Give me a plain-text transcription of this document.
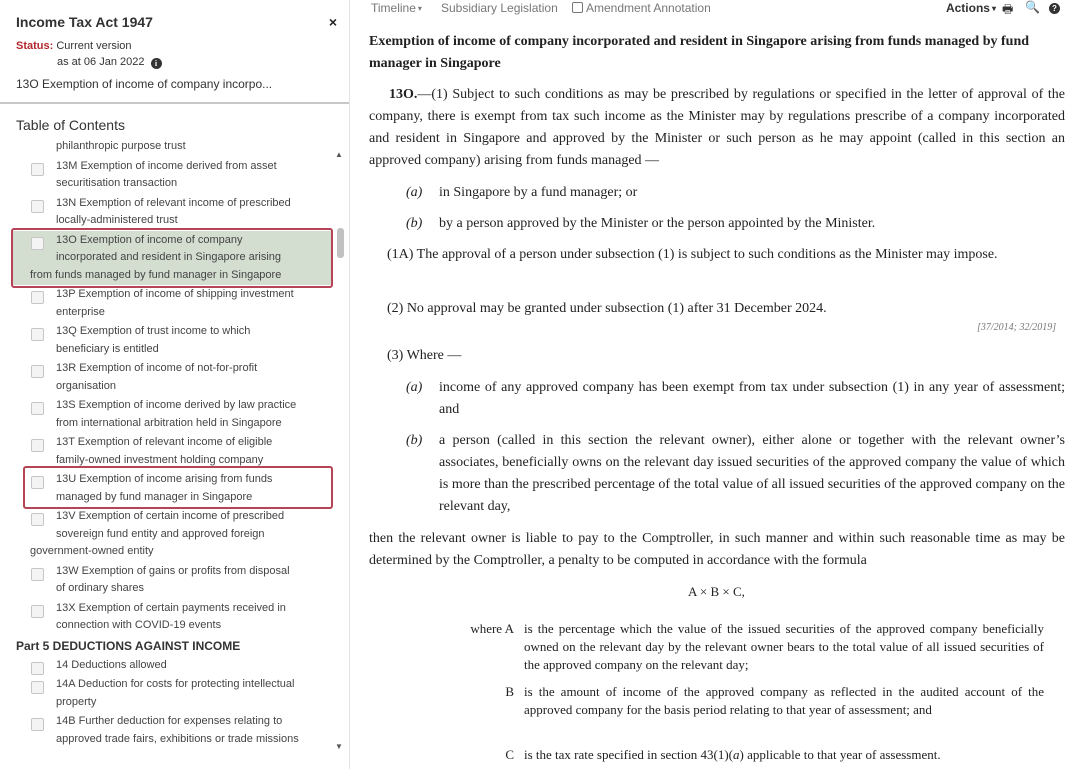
Income Tax Act 1947	×
Status: Current version
as at 06 Jan 2022 i
13O Exemption of income of company incorpo...
Table of Contents
philanthropic purpose trust
13M Exemption of income derived from asset
securitisation transaction
13N Exemption of relevant income of prescribed
locally-administered trust
13O Exemption of income of company
incorporated and resident in Singapore arising
from funds managed by fund manager in Singapore
13P Exemption of income of shipping investment
enterprise
13Q Exemption of trust income to which
beneficiary is entitled
13R Exemption of income of not-for-profit
organisation
13S Exemption of income derived by law practice
from international arbitration held in Singapore
13T Exemption of relevant income of eligible
family-owned investment holding company
13U Exemption of income arising from funds
managed by fund manager in Singapore
13V Exemption of certain income of prescribed
sovereign fund entity and approved foreign
government-owned entity
13W Exemption of gains or profits from disposal
of ordinary shares
13X Exemption of certain payments received in
connection with COVID-19 events
Part 5 DEDUCTIONS AGAINST INCOME
14 Deductions allowed
14A Deduction for costs for protecting intellectual
property
14B Further deduction for expenses relating to
approved trade fairs, exhibitions or trade missions
▲
▼
Timeline ▾ Subsidiary Legislation	Amendment Annotation	Actions ▾ 🖶 🔍	?
Exemption of income of company incorporated and resident in Singapore arising from funds managed by fund manager in Singapore
13O.—(1) Subject to such conditions as may be prescribed by regulations or specified in the letter of approval of the company, there is exempt from tax such income as the Minister may by regulations prescribe of a company incorporated and resident in Singapore and approved by the Minister or such person as he may appoint (called in this section an approved company) arising from funds managed —
(a) in Singapore by a fund manager; or
(b) by a person approved by the Minister or the person appointed by the Minister.
(1A) The approval of a person under subsection (1) is subject to such conditions as the Minister may impose.
(2) No approval may be granted under subsection (1) after 31 December 2024.
[37/2014; 32/2019]
(3) Where —
(a) income of any approved company has been exempt from tax under subsection (1) in any year of assessment; and
(b) a person (called in this section the relevant owner), either alone or together with the relevant owner’s associates, beneficially owns on the relevant day issued securities of the approved company the value of which is more than the prescribed percentage of the total value of all issued securities of the approved company on the relevant day,
then the relevant owner is liable to pay to the Comptroller, in such manner and within such reasonable time as may be determined by the Comptroller, a penalty to be computed in accordance with the formula
A × B × C,
where A is the percentage which the value of the issued securities of the approved company beneficially owned on the relevant day by the relevant owner bears to the total value of all issued securities of the approved company on the relevant day;
B is the amount of income of the approved company as reflected in the audited account of the approved company for the basis period relating to that year of assessment; and
C is the tax rate specified in section 43(1)(a) applicable to that year of assessment.
